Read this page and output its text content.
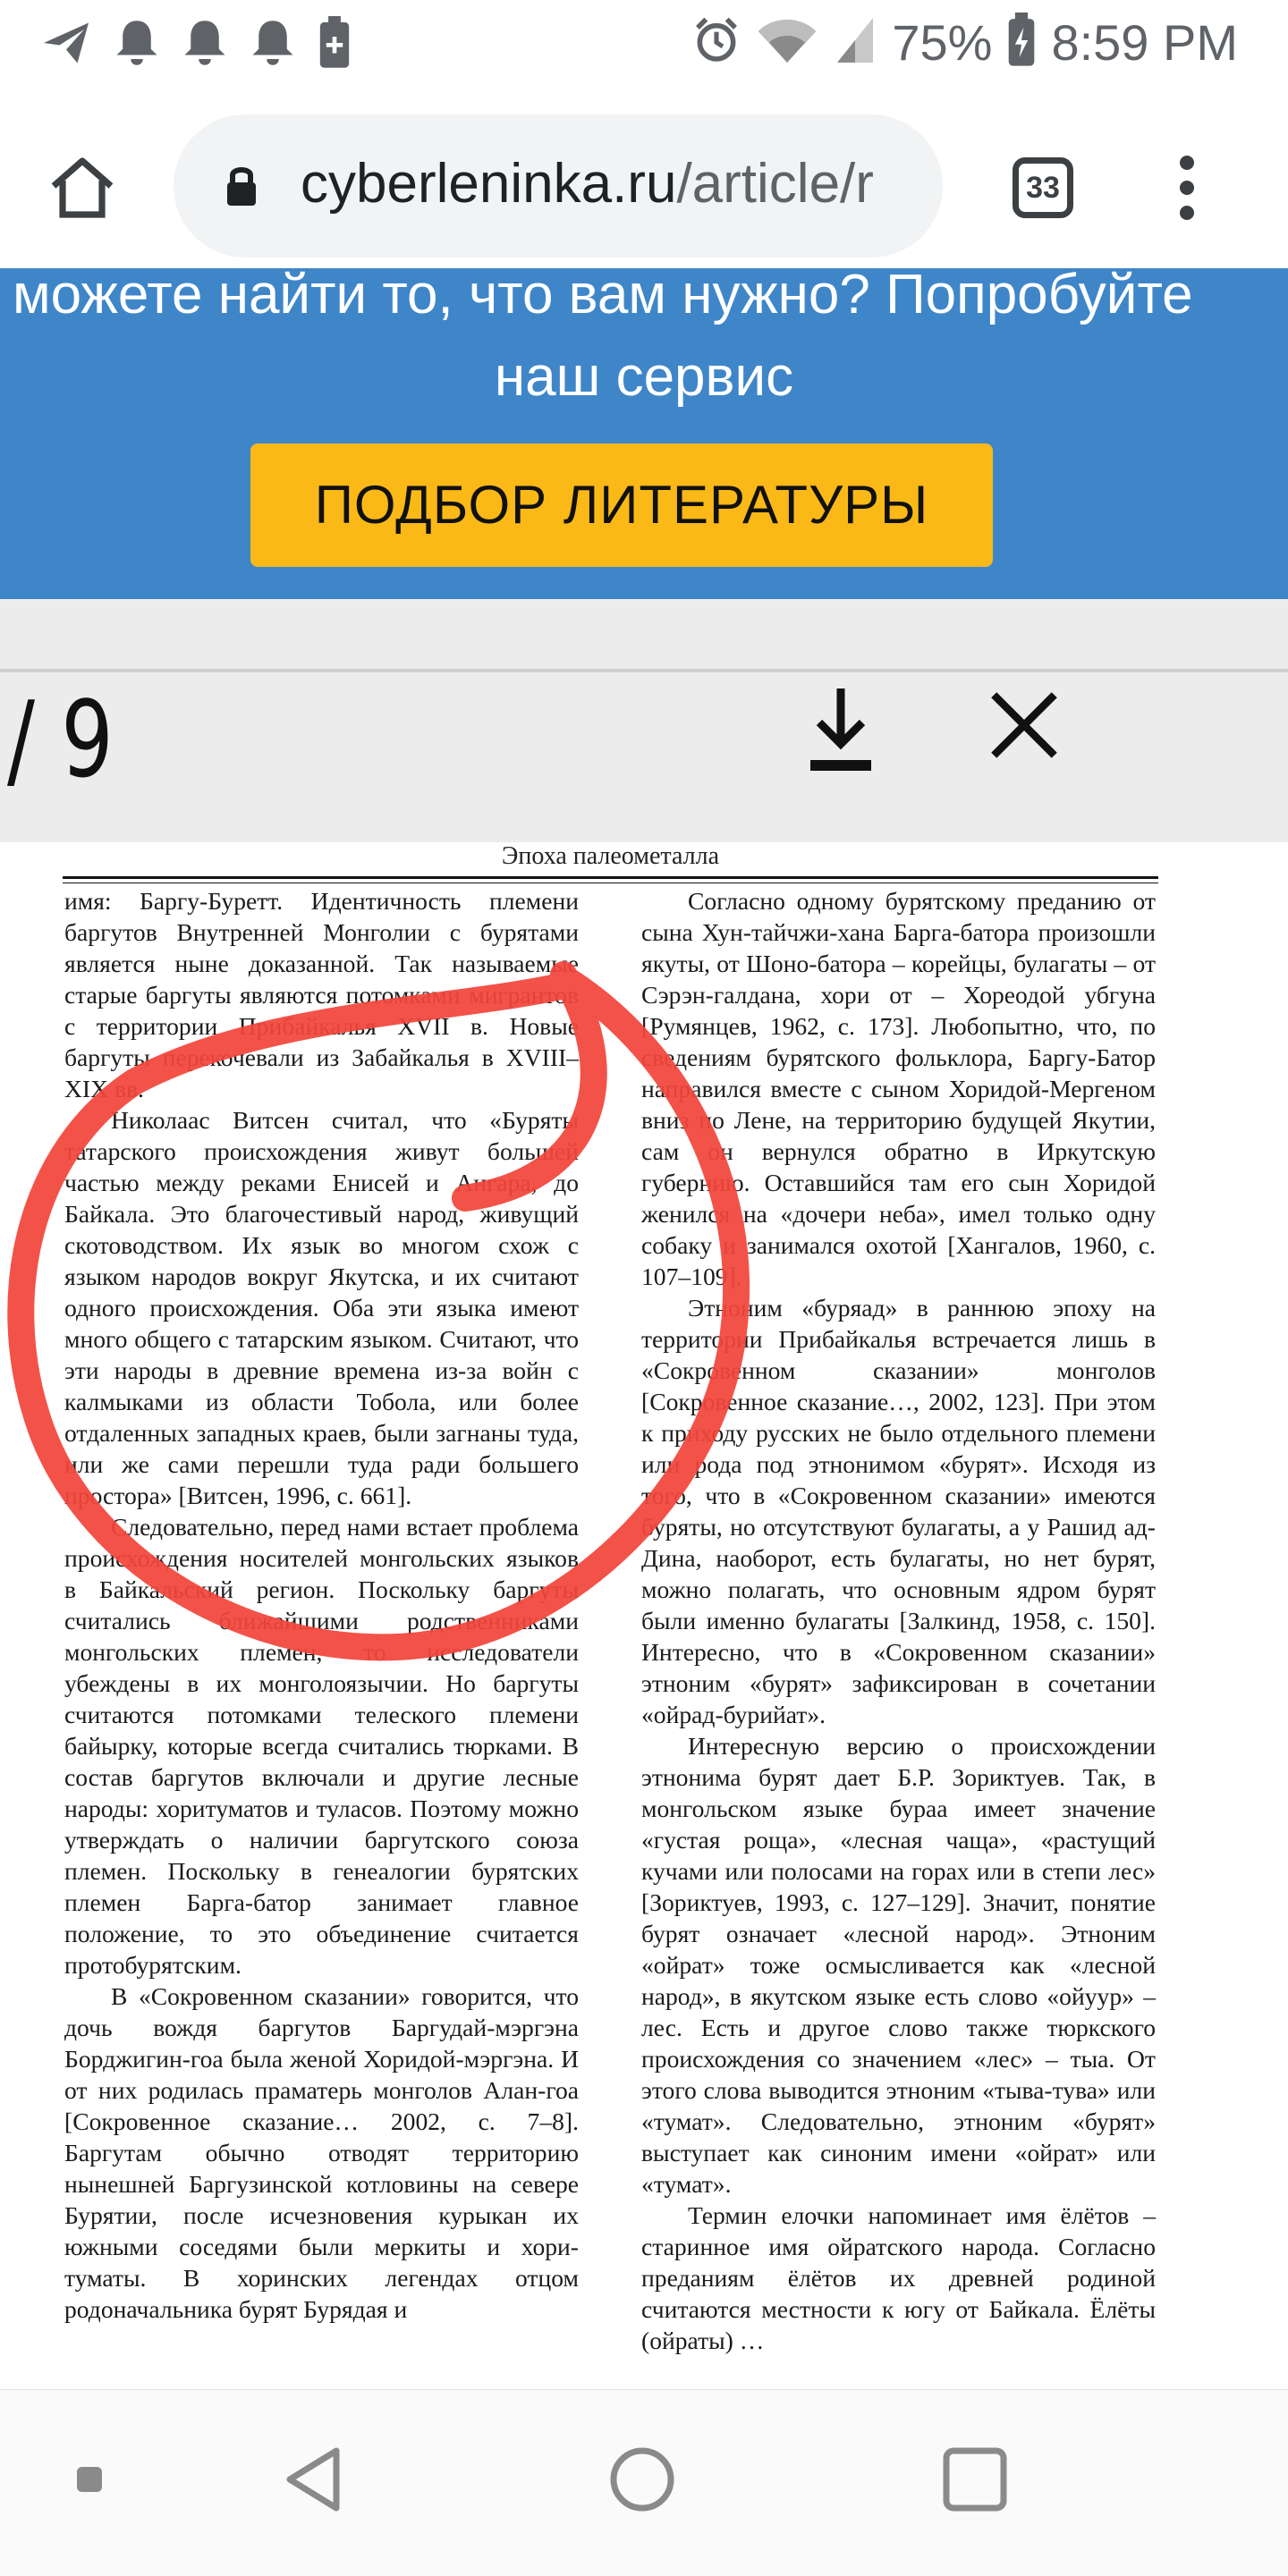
75% 8:59 PM
cyberleninka.ru/article/r	33
можете найти то, что вам нужно? Попробуйте
наш сервис
ПОДБОР ЛИТЕРАТУРЫ
/ 9
Эпоха палеометалла

имя: Баргу-Буретт. Идентичность племени баргутов Внутренней Монголии с бурятами является ныне доказанной. Так называемые старые баргуты являются потомками мигрантов с территории Прибайкалья XVII в. Новые баргуты перекочевали из Забайкалья в XVIII–XIX вв.

Николаас Витсен считал, что «Буряты татарского происхождения живут большей частью между реками Енисей и Ангара, до Байкала. Это благочестивый народ, живущий скотоводством. Их язык во многом схож с языком народов вокруг Якутска, и их считают одного происхождения. Оба эти языка имеют много общего с татарским языком. Считают, что эти народы в древние времена из-за войн с калмыками из области Тобола, или более отдаленных западных краев, были загнаны туда, или же сами перешли туда ради большего простора» [Витсен, 1996, с. 661].

Следовательно, перед нами встает проблема происхождения носителей монгольских языков в Байкальский регион. Поскольку баргуты считались ближайшими родственниками монгольских племен, то исследователи убеждены в их монголоязычии. Но баргуты считаются потомками телеского племени байырку, которые всегда считались тюрками. В состав баргутов включали и другие лесные народы: хоритуматов и туласов. Поэтому можно утверждать о наличии баргутского союза племен. Поскольку в генеалогии бурятских племен Барга-батор занимает главное положение, то это объединение считается протобурятским.

В «Сокровенном сказании» говорится, что дочь вождя баргутов Баргудай-мэргэна Борджигин-гоа была женой Хоридой-мэргэна. И от них родилась праматерь монголов Алан-гоа [Сокровенное сказание… 2002, с. 7–8]. Баргутам обычно отводят территорию нынешней Баргузинской котловины на севере Бурятии, после исчезновения курыкан их южными соседями были меркиты и хори-туматы. В хоринских легендах отцом родоначальника бурят Бурядая и

Согласно одному бурятскому преданию от сына Хун-тайчжи-хана Барга-батора произошли якуты, от Шоно-батора – корейцы, булагаты – от Сэрэн-галдана, хори от – Хореодой убгуна [Румянцев, 1962, с. 173]. Любопытно, что, по сведениям бурятского фольклора, Баргу-Батор направился вместе с сыном Хоридой-Мергеном вниз по Лене, на территорию будущей Якутии, сам он вернулся обратно в Иркутскую губернию. Оставшийся там его сын Хоридой женился на «дочери неба», имел только одну собаку и занимался охотой [Хангалов, 1960, с. 107–109].

Этноним «буряад» в раннюю эпоху на территории Прибайкалья встречается лишь в «Сокровенном сказании» монголов [Сокровенное сказание…, 2002, 123]. При этом к приходу русских не было отдельного племени или рода под этнонимом «бурят». Исходя из того, что в «Сокровенном сказании» имеются буряты, но отсутствуют булагаты, а у Рашид ад-Дина, наоборот, есть булагаты, но нет бурят, можно полагать, что основным ядром бурят были именно булагаты [Залкинд, 1958, с. 150]. Интересно, что в «Сокровенном сказании» этноним «бурят» зафиксирован в сочетании «ойрад-бурийат».

Интересную версию о происхождении этнонима бурят дает Б.Р. Зориктуев. Так, в монгольском языке бураа имеет значение «густая роща», «лесная чаща», «растущий кучами или полосами на горах или в степи лес» [Зориктуев, 1993, с. 127–129]. Значит, понятие бурят означает «лесной народ». Этноним «ойрат» тоже осмысливается как «лесной народ», в якутском языке есть слово «ойуур» – лес. Есть и другое слово также тюркского происхождения со значением «лес» – тыа. От этого слова выводится этноним «тыва-тува» или «тумат». Следовательно, этноним «бурят» выступает как синоним имени «ойрат» или «тумат».

Термин елочки напоминает имя ёлётов – старинное имя ойратского народа. Согласно преданиям ёлётов их древней родиной считаются местности к югу от Байкала. Ёлёты (ойраты) …
